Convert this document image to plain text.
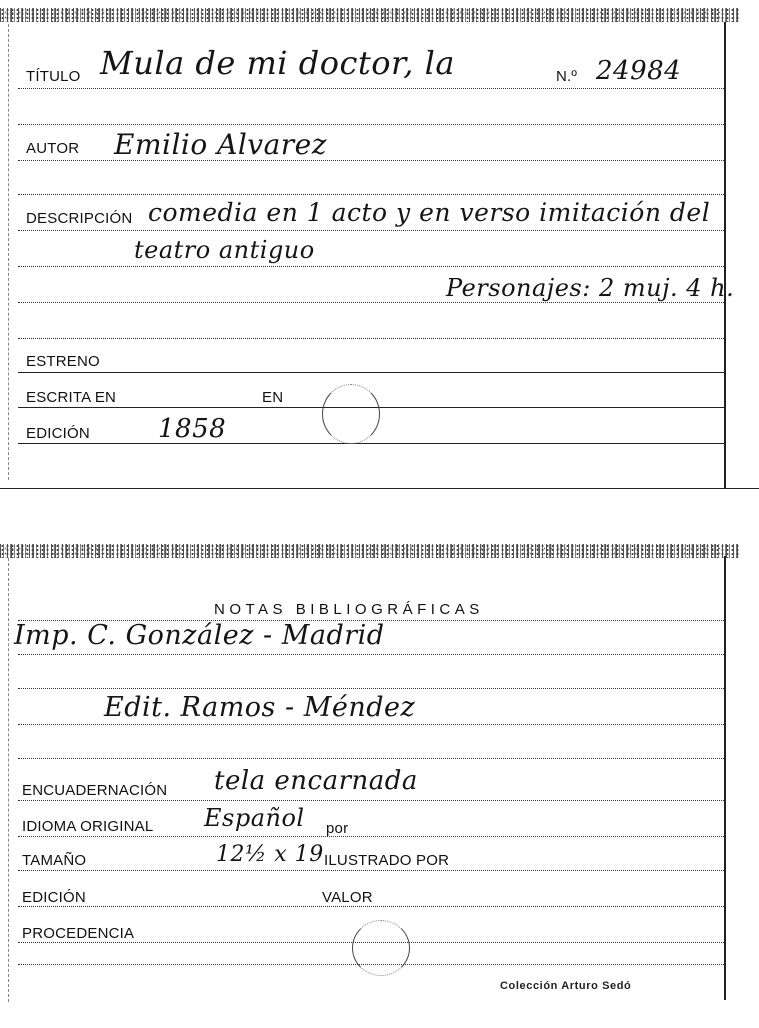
TÍTULO Mula de mi doctor, la	N.º 24984
AUTOR Emilio Alvarez
DESCRIPCIÓN comedia en 1 acto y en verso imitación del
teatro antiguo
Personajes: 2 muj. 4 h.
ESTRENO
ESCRITA EN	EN
EDICIÓN	1858
NOTAS BIBLIOGRÁFICAS
Imp. C. González - Madrid
Edit. Ramos - Méndez
ENCUADERNACIÓN tela encarnada
IDIOMA ORIGINAL Español por
TAMAÑO	12½ x 19 ILUSTRADO POR
EDICIÓN	VALOR
PROCEDENCIA
Colección Arturo Sedó
